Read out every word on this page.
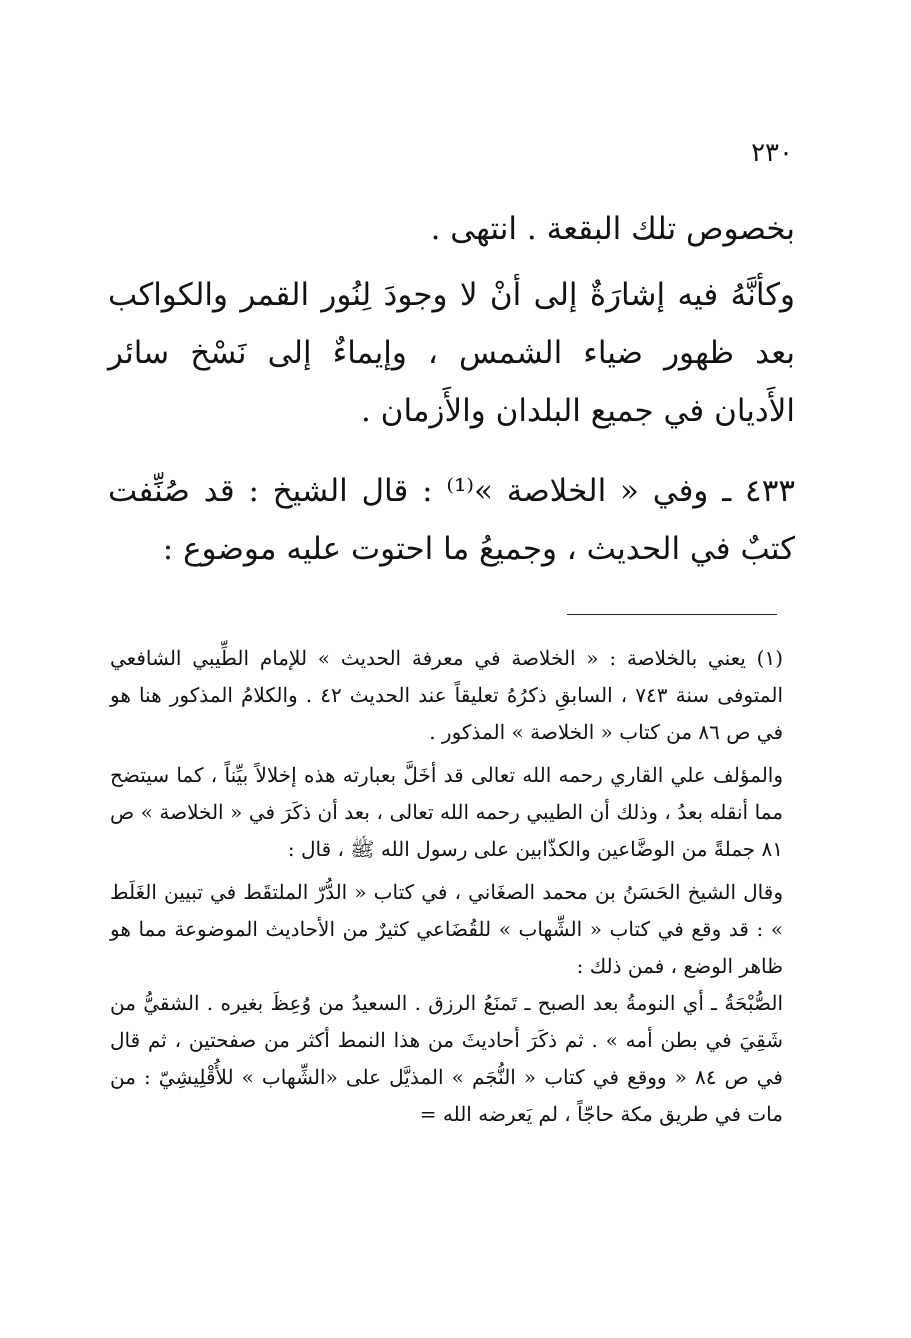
٢٣٠

بخصوص تلك البقعة . انتهى .

وكأنَّهُ فيه إشارَةٌ إلى أنْ لا وجودَ لِنُور القمر والكواكب بعد ظهور ضياء الشمس ، وإيماءٌ إلى نَسْخ سائر الأَديان في جميع البلدان والأَزمان .

٤٣٣ ـ وفي « الخلاصة »⁽¹⁾ : قال الشيخ : قد صُنِّفت كتبٌ في الحديث ، وجميعُ ما احتوت عليه موضوع :

(١) يعني بالخلاصة : « الخلاصة في معرفة الحديث » للإمام الطِّيبي الشافعي المتوفى سنة ٧٤٣ ، السابقِ ذكرُهُ تعليقاً عند الحديث ٤٢ . والكلامُ المذكور هنا هو في ص ٨٦ من كتاب « الخلاصة » المذكور .

والمؤلف علي القاري رحمه الله تعالى قد أخَلَّ بعبارته هذه إخلالاً بيِّناً ، كما سيتضح مما أنقله بعدُ ، وذلك أن الطيبي رحمه الله تعالى ، بعد أن ذكَرَ في « الخلاصة » ص ٨١ جملةً من الوضَّاعين والكذّابين على رسول الله ﷺ ، قال :

وقال الشيخ الحَسَنُ بن محمد الصغَاني ، في كتاب « الدُّرّ الملتقَط في تبيين الغَلَط » : قد وقع في كتاب « الشِّهاب » للقُضَاعي كثيرٌ من الأحاديث الموضوعة مما هو ظاهر الوضع ، فمن ذلك :

الصُّبْحَةُ ـ أي النومةُ بعد الصبح ـ تَمنَعُ الرزق . السعيدُ من وُعِظَ بغيره . الشقيُّ من شَقِيَ في بطن أمه » . ثم ذكَرَ أحاديثَ من هذا النمط أكثر من صفحتين ، ثم قال في ص ٨٤ « ووقع في كتاب « النُّجَم » المذيَّل على «الشِّهاب » للأُقْلِيشِيّ : من مات في طريق مكة حاجّاً ، لم يَعرضه الله =
